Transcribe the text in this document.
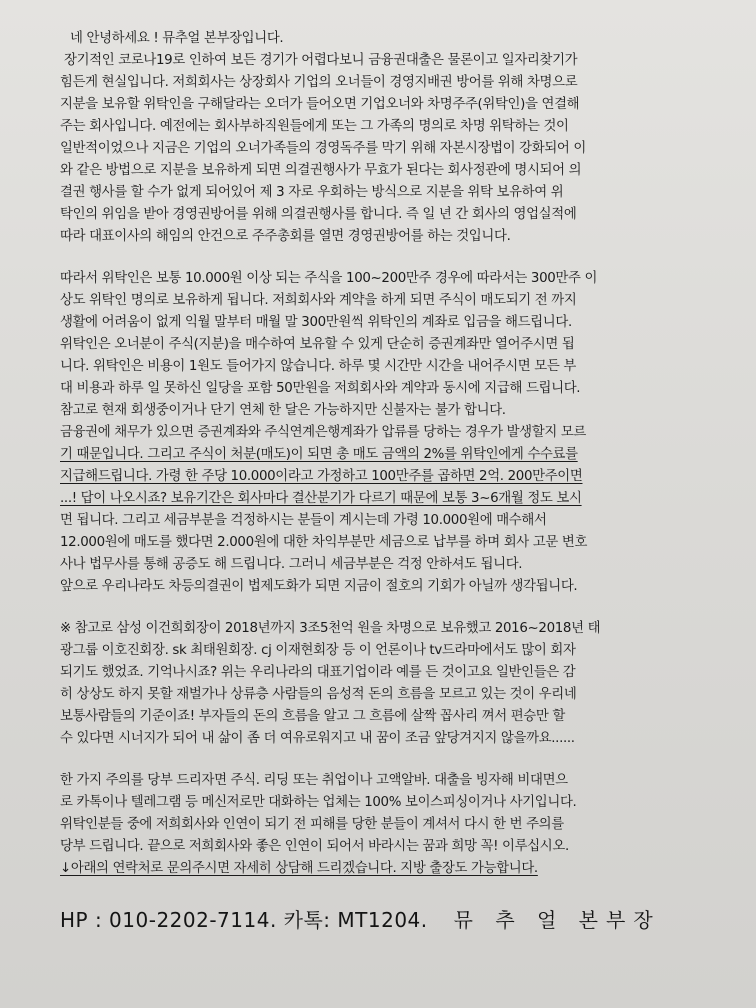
네 안녕하세요 ! 뮤추얼 본부장입니다.
장기적인 코로나19로 인하여 보든 경기가 어렵다보니 금융권대출은 물론이고 일자리찾기가
힘든게 현실입니다. 저희회사는 상장회사 기업의 오너들이 경영지배권 방어를 위해 차명으로
지분을 보유할 위탁인을 구해달라는 오더가 들어오면 기업오너와 차명주주(위탁인)을 연결해
주는 회사입니다. 예전에는 회사부하직원들에게 또는 그 가족의 명의로 차명 위탁하는 것이
일반적이었으나 지금은 기업의 오너가족들의 경영독주를 막기 위해 자본시장법이 강화되어 이
와 같은 방법으로 지분을 보유하게 되면 의결권행사가 무효가 된다는 회사정관에 명시되어 의
결권 행사를 할 수가 없게 되어있어 제 3 자로 우회하는 방식으로 지분을 위탁 보유하여 위
탁인의 위임을 받아 경영권방어를 위해 의결권행사를 합니다. 즉 일 년 간 회사의 영업실적에
따라 대표이사의 해임의 안건으로 주주총회를 열면 경영권방어를 하는 것입니다.
따라서 위탁인은 보통 10.000원 이상 되는 주식을 100~200만주 경우에 따라서는 300만주 이
상도 위탁인 명의로 보유하게 됩니다. 저희회사와 계약을 하게 되면 주식이 매도되기 전 까지
생활에 어려움이 없게 익월 말부터 매월 말 300만원씩 위탁인의 계좌로 입금을 해드립니다.
위탁인은 오너분이 주식(지분)을 매수하여 보유할 수 있게 단순히 증권계좌만 열어주시면 됩
니다. 위탁인은 비용이 1원도 들어가지 않습니다. 하루 몇 시간만 시간을 내어주시면 모든 부
대 비용과 하루 일 못하신 일당을 포함 50만원을 저희회사와 계약과 동시에 지급해 드립니다.
참고로 현재 회생중이거나 단기 연체 한 달은 가능하지만 신불자는 불가 합니다.
금융권에 채무가 있으면 증권계좌와 주식연계은행계좌가 압류를 당하는 경우가 발생할지 모르
기 때문입니다. 그리고 주식이 처분(매도)이 되면 총 매도 금액의 2%를 위탁인에게 수수료를
지급해드립니다. 가령 한 주당 10.000이라고 가정하고 100만주를 곱하면 2억. 200만주이면
...! 답이 나오시죠? 보유기간은 회사마다 결산분기가 다르기 때문에 보통 3~6개월 정도 보시
면 됩니다. 그리고 세금부분을 걱정하시는 분들이 계시는데 가령 10.000원에 매수해서
12.000원에 매도를 했다면 2.000원에 대한 차익부분만 세금으로 납부를 하며 회사 고문 변호
사나 법무사를 통해 공증도 해 드립니다. 그러니 세금부분은 걱정 안하셔도 됩니다.
앞으로 우리나라도 차등의결권이 법제도화가 되면 지금이 절호의 기회가 아닐까 생각됩니다.
※ 참고로 삼성 이건희회장이 2018년까지 3조5천억 원을 차명으로 보유했고 2016~2018년 태
광그룹 이호진회장. sk 최태원회장. cj 이재현회장 등 이 언론이나 tv드라마에서도 많이 회자
되기도 했었죠. 기억나시죠? 위는 우리나라의 대표기업이라 예를 든 것이고요 일반인들은 감
히 상상도 하지 못할 재벌가나 상류층 사람들의 음성적 돈의 흐름을 모르고 있는 것이 우리네
보통사람들의 기준이죠! 부자들의 돈의 흐름을 알고 그 흐름에 살짝 꼽사리 껴서 편승만 할
수 있다면 시너지가 되어 내 삶이 좀 더 여유로워지고 내 꿈이 조금 앞당겨지지 않을까요......
한 가지 주의를 당부 드리자면 주식. 리딩 또는 취업이나 고액알바. 대출을 빙자해 비대면으
로 카톡이나 텔레그램 등 메신저로만 대화하는 업체는 100% 보이스피싱이거나 사기입니다.
위탁인분들 중에 저희회사와 인연이 되기 전 피해를 당한 분들이 계셔서 다시 한 번 주의를
당부 드립니다. 끝으로 저희회사와 좋은 인연이 되어서 바라시는 꿈과 희망 꼭! 이루십시오.
↓아래의 연락처로 문의주시면 자세히 상담해 드리겠습니다. 지방 출장도 가능합니다.
HP : 010-2202-7114. 카톡: MT1204. 뮤 추 얼 본부장
